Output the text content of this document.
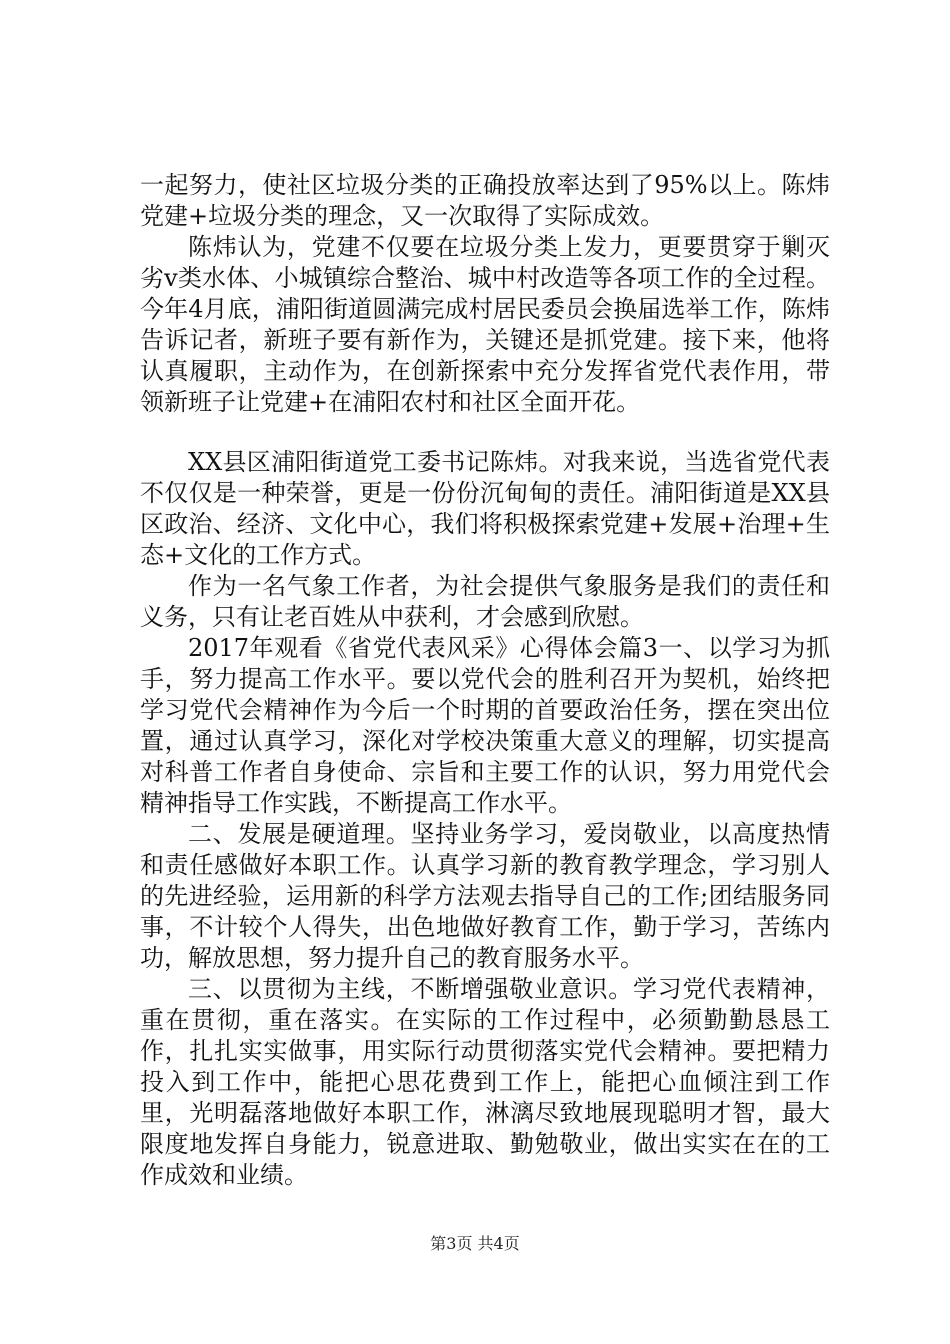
一起努力，使社区垃圾分类的正确投放率达到了95%以上。陈炜党建+垃圾分类的理念，又一次取得了实际成效。

陈炜认为，党建不仅要在垃圾分类上发力，更要贯穿于剿灭劣ⅴ类水体、小城镇综合整治、城中村改造等各项工作的全过程。今年4月底，浦阳街道圆满完成村居民委员会换届选举工作，陈炜告诉记者，新班子要有新作为，关键还是抓党建。接下来，他将认真履职，主动作为，在创新探索中充分发挥省党代表作用，带领新班子让党建+在浦阳农村和社区全面开花。

XX县区浦阳街道党工委书记陈炜。对我来说，当选省党代表不仅仅是一种荣誉，更是一份份沉甸甸的责任。浦阳街道是XX县区政治、经济、文化中心，我们将积极探索党建+发展+治理+生态+文化的工作方式。

作为一名气象工作者，为社会提供气象服务是我们的责任和义务，只有让老百姓从中获利，才会感到欣慰。

2017年观看《省党代表风采》心得体会篇3一、以学习为抓手，努力提高工作水平。要以党代会的胜利召开为契机，始终把学习党代会精神作为今后一个时期的首要政治任务，摆在突出位置，通过认真学习，深化对学校决策重大意义的理解，切实提高对科普工作者自身使命、宗旨和主要工作的认识，努力用党代会精神指导工作实践，不断提高工作水平。

二、发展是硬道理。坚持业务学习，爱岗敬业，以高度热情和责任感做好本职工作。认真学习新的教育教学理念，学习别人的先进经验，运用新的科学方法观去指导自己的工作;团结服务同事，不计较个人得失，出色地做好教育工作，勤于学习，苦练内功，解放思想，努力提升自己的教育服务水平。

三、以贯彻为主线，不断增强敬业意识。学习党代表精神，重在贯彻，重在落实。在实际的工作过程中，必须勤勤恳恳工作，扎扎实实做事，用实际行动贯彻落实党代会精神。要把精力投入到工作中，能把心思花费到工作上，能把心血倾注到工作里，光明磊落地做好本职工作，淋漓尽致地展现聪明才智，最大限度地发挥自身能力，锐意进取、勤勉敬业，做出实实在在的工作成效和业绩。

第3页 共4页
